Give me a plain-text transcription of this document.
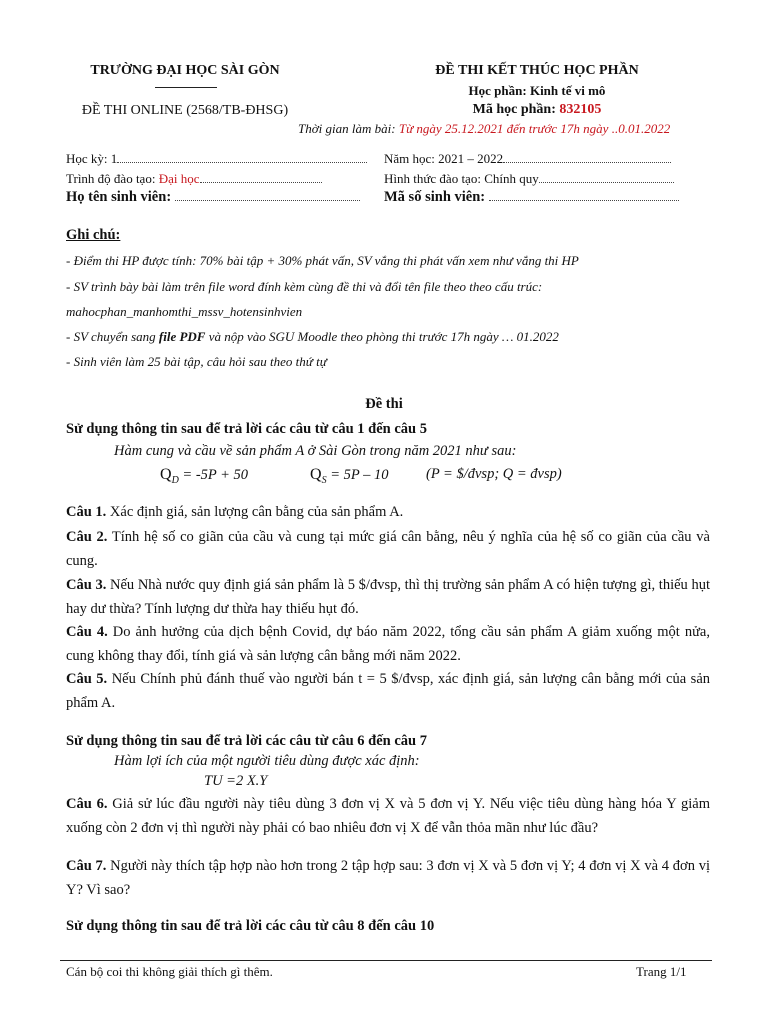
TRƯỜNG ĐẠI HỌC SÀI GÒN
ĐỀ THI ONLINE (2568/TB-ĐHSG)
ĐỀ THI KẾT THÚC HỌC PHẦN
Học phần: Kinh tế vi mô
Mã học phần: 832105
Thời gian làm bài: Từ ngày 25.12.2021 đến trước 17h ngày ..0.01.2022
Học kỳ: 1	Năm học: 2021 – 2022
Trình độ đào tạo: Đại học	Hình thức đào tạo: Chính quy
Họ tên sinh viên:	Mã số sinh viên:
Ghi chú:
- Điểm thi HP được tính: 70% bài tập + 30% phát vấn, SV vắng thi phát vấn xem như vắng thi HP
- SV trình bày bài làm trên file word đính kèm cùng đề thi và đổi tên file theo theo cấu trúc:
mahocphan_manhomthi_mssv_hotensinhvien
- SV chuyển sang file PDF và nộp vào SGU Moodle theo phòng thi trước 17h ngày … 01.2022
- Sinh viên làm 25 bài tập, câu hỏi sau theo thứ tự
Đề thi
Sử dụng thông tin sau để trả lời các câu từ câu 1 đến câu 5
Hàm cung và cầu về sản phẩm A ở Sài Gòn trong năm 2021 như sau:
$Q_D = -5P + 50$	$Q_S = 5P - 10$	(P = $/đvsp; Q = đvsp)
Câu 1. Xác định giá, sản lượng cân bằng của sản phẩm A.
Câu 2. Tính hệ số co giãn của cầu và cung tại mức giá cân bằng, nêu ý nghĩa của hệ số co giãn của cầu và cung.
Câu 3. Nếu Nhà nước quy định giá sản phẩm là 5 $/đvsp, thì thị trường sản phẩm A có hiện tượng gì, thiếu hụt hay dư thừa? Tính lượng dư thừa hay thiếu hụt đó.
Câu 4. Do ảnh hưởng của dịch bệnh Covid, dự báo năm 2022, tổng cầu sản phẩm A giảm xuống một nửa, cung không thay đổi, tính giá và sản lượng cân bằng mới năm 2022.
Câu 5. Nếu Chính phủ đánh thuế vào người bán t = 5 $/đvsp, xác định giá, sản lượng cân bằng mới của sản phẩm A.
Sử dụng thông tin sau để trả lời các câu từ câu 6 đến câu 7
Hàm lợi ích của một người tiêu dùng được xác định:
TU =2 X.Y
Câu 6. Giả sử lúc đầu người này tiêu dùng 3 đơn vị X và 5 đơn vị Y. Nếu việc tiêu dùng hàng hóa Y giảm xuống còn 2 đơn vị thì người này phải có bao nhiêu đơn vị X để vẫn thỏa mãn như lúc đầu?
Câu 7. Người này thích tập hợp nào hơn trong 2 tập hợp sau: 3 đơn vị X và 5 đơn vị Y; 4 đơn vị X và 4 đơn vị Y? Vì sao?
Sử dụng thông tin sau để trả lời các câu từ câu 8 đến câu 10
Cán bộ coi thi không giải thích gì thêm.	Trang 1/1
